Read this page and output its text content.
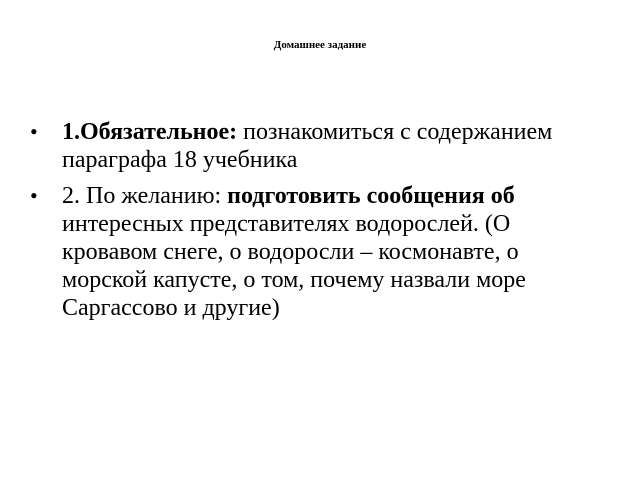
Домашнее задание
• 1.Обязательное: познакомиться с содержанием параграфа 18 учебника
• 2. По желанию: подготовить сообщения об интересных представителях водорослей. (О кровавом снеге, о водоросли – космонавте, о морской капусте, о том, почему назвали море Саргассово и другие)
